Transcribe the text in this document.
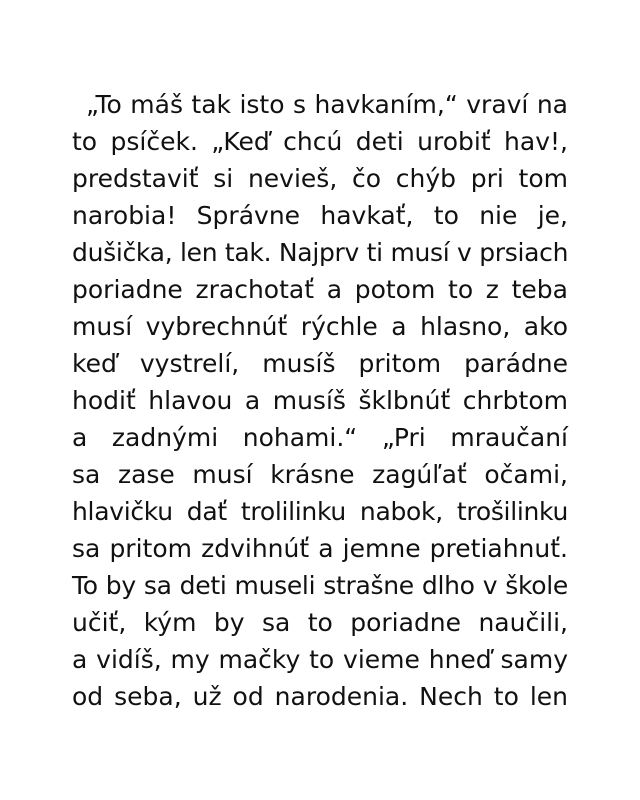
„To máš tak isto s havkaním,“ vraví na
to psíček. „Keď chcú deti urobiť hav!,
predstaviť si nevieš, čo chýb pri tom
narobia! Správne havkať, to nie je,
dušička, len tak. Najprv ti musí v prsiach
poriadne zrachotať a potom to z teba
musí vybrechnúť rýchle a hlasno, ako
keď vystrelí, musíš pritom parádne
hodiť hlavou a musíš šklbnúť chrbtom
a zadnými nohami.“ „Pri mraučaní
sa zase musí krásne zagúľať očami,
hlavičku dať trolilinku nabok, trošilinku
sa pritom zdvihnúť a jemne pretiahnuť.
To by sa deti museli strašne dlho v škole
učiť, kým by sa to poriadne naučili,
a vidíš, my mačky to vieme hneď samy
od seba, už od narodenia. Nech to len
